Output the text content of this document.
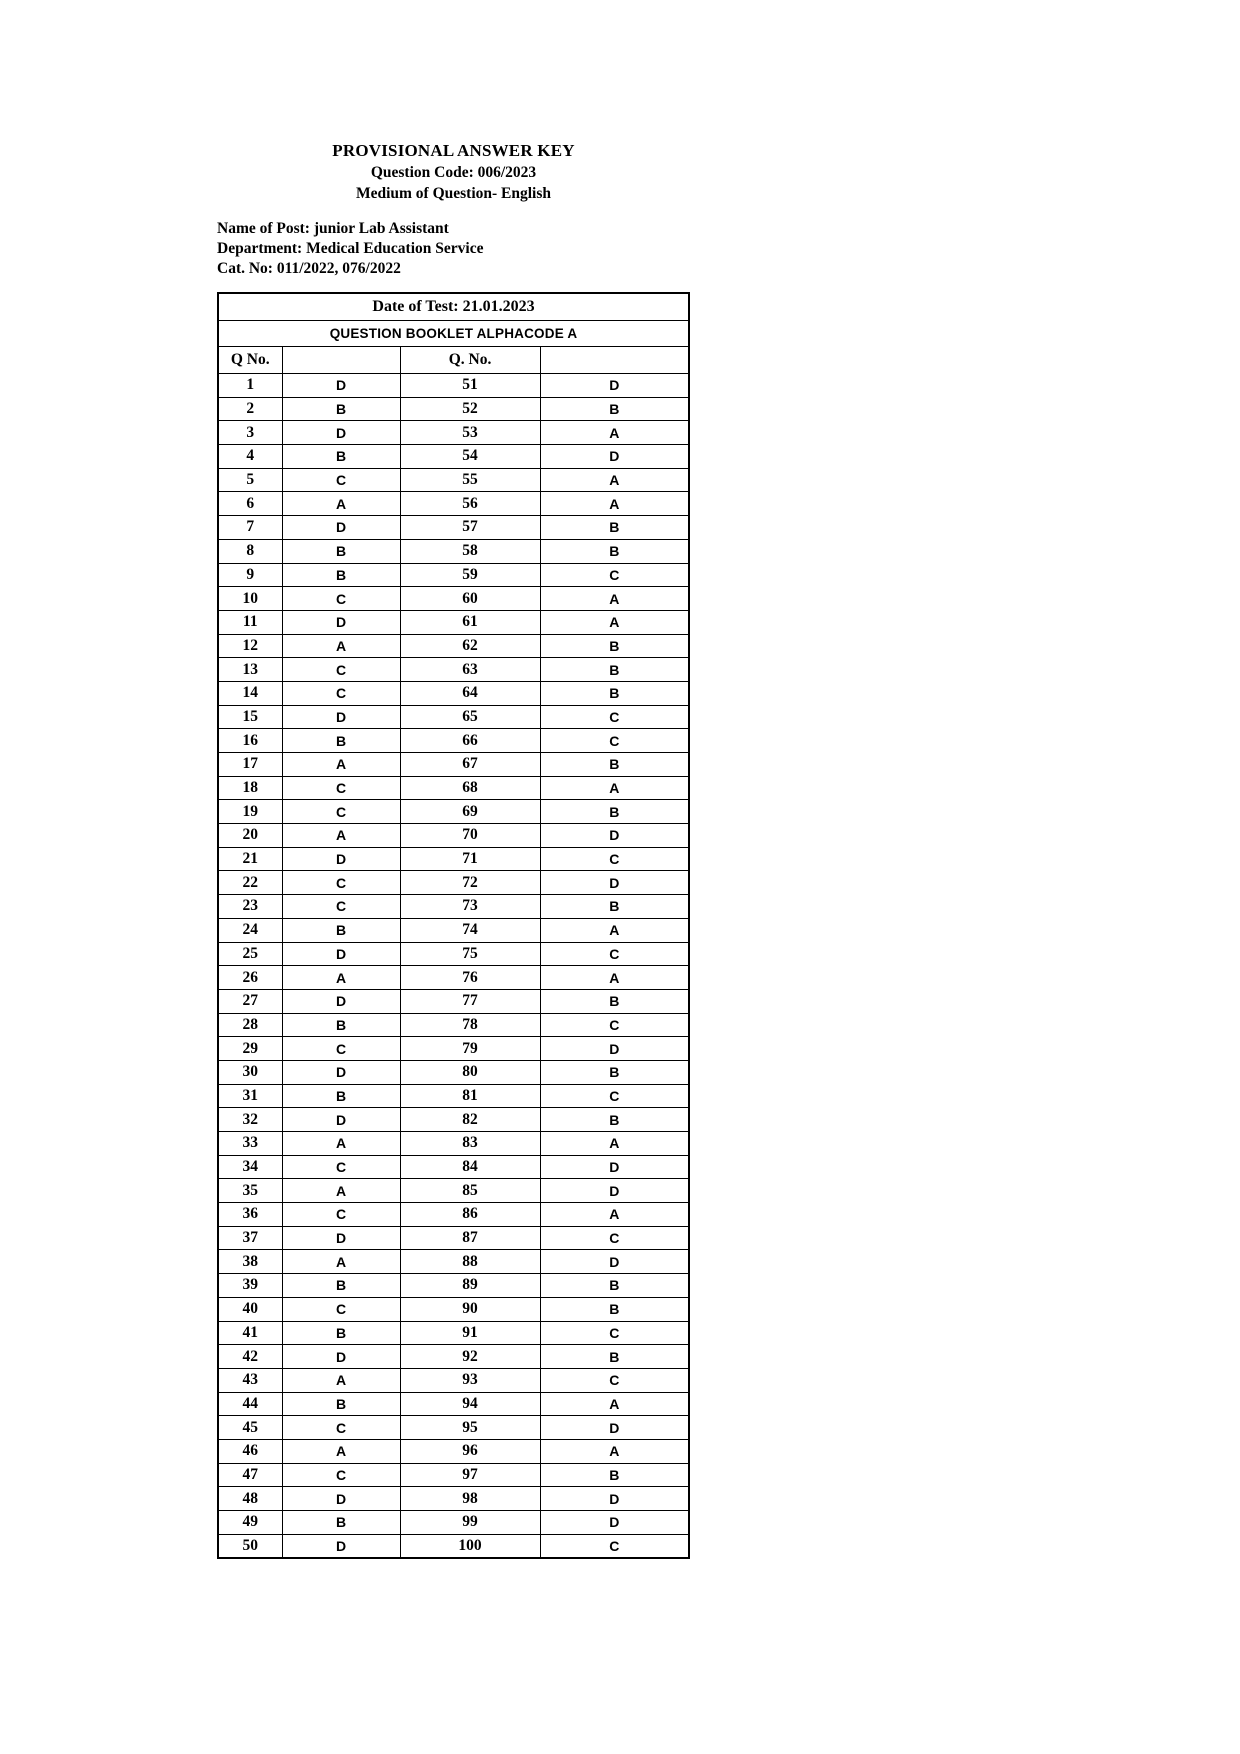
PROVISIONAL ANSWER KEY
Question Code: 006/2023
Medium of Question- English
Name of Post: junior Lab Assistant
Department: Medical Education Service
Cat. No: 011/2022, 076/2022
Date of Test: 21.01.2023			
QUESTION BOOKLET ALPHACODE A			
Q No.		Q. No.	
1	D	51	D
2	B	52	B
3	D	53	A
4	B	54	D
5	C	55	A
6	A	56	A
7	D	57	B
8	B	58	B
9	B	59	C
10	C	60	A
11	D	61	A
12	A	62	B
13	C	63	B
14	C	64	B
15	D	65	C
16	B	66	C
17	A	67	B
18	C	68	A
19	C	69	B
20	A	70	D
21	D	71	C
22	C	72	D
23	C	73	B
24	B	74	A
25	D	75	C
26	A	76	A
27	D	77	B
28	B	78	C
29	C	79	D
30	D	80	B
31	B	81	C
32	D	82	B
33	A	83	A
34	C	84	D
35	A	85	D
36	C	86	A
37	D	87	C
38	A	88	D
39	B	89	B
40	C	90	B
41	B	91	C
42	D	92	B
43	A	93	C
44	B	94	A
45	C	95	D
46	A	96	A
47	C	97	B
48	D	98	D
49	B	99	D
50	D	100	C
